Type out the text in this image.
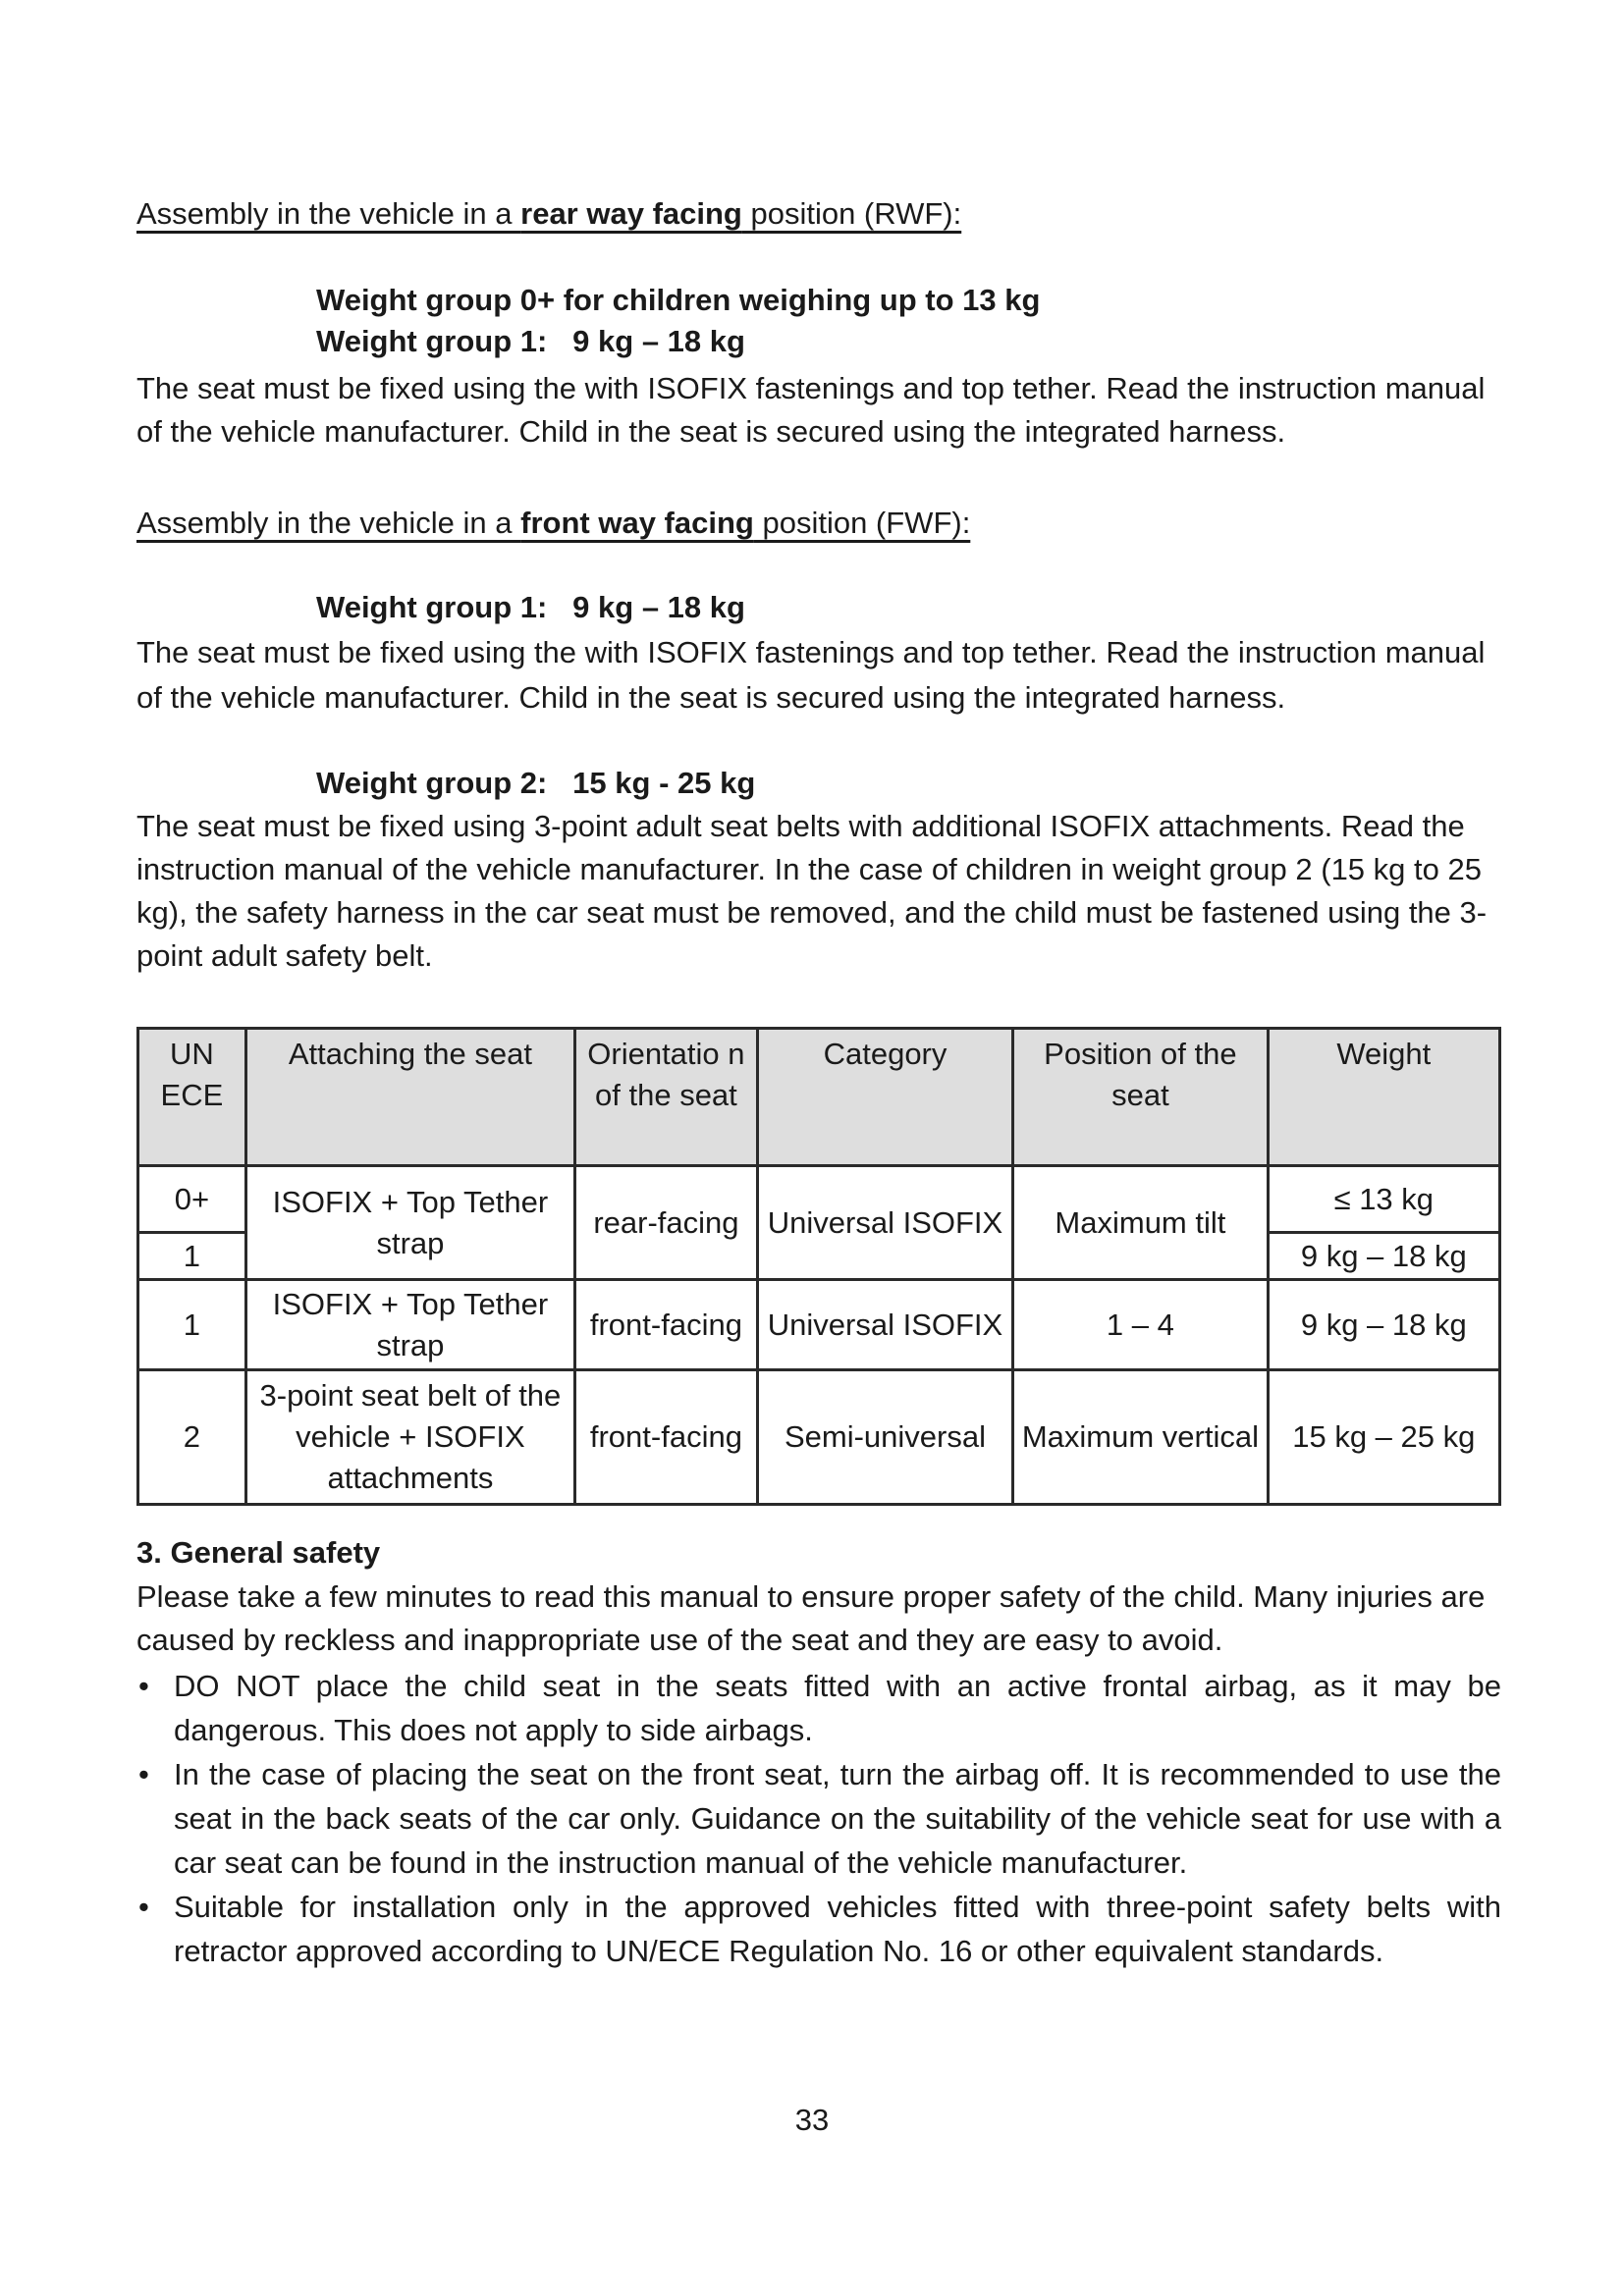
Assembly in the vehicle in a rear way facing position (RWF):

Weight group 0+ for children weighing up to 13 kg

Weight group 1:   9 kg – 18 kg

The seat must be fixed using the with ISOFIX fastenings and top tether. Read the instruction manual of the vehicle manufacturer. Child in the seat is secured using the integrated harness.

Assembly in the vehicle in a front way facing position (FWF):

Weight group 1:   9 kg – 18 kg

The seat must be fixed using the with ISOFIX fastenings and top tether. Read the instruction manual of the vehicle manufacturer. Child in the seat is secured using the integrated harness.

Weight group 2:   15 kg - 25 kg

The seat must be fixed using 3-point adult seat belts with additional ISOFIX attachments. Read the instruction manual of the vehicle manufacturer. In the case of children in weight group 2 (15 kg to 25 kg), the safety harness in the car seat must be removed, and the child must be fastened using the 3-point adult safety belt.

UN ECE	Attaching the seat	Orientatio n of the seat	Category	Position of the seat	Weight
0+	ISOFIX + Top Tether strap	rear-facing	Universal ISOFIX	Maximum tilt	≤ 13 kg
1					9 kg – 18 kg
1	ISOFIX + Top Tether strap	front-facing	Universal ISOFIX	1 – 4	9 kg – 18 kg
2	3-point seat belt of the vehicle + ISOFIX attachments	front-facing	Semi-universal	Maximum vertical	15 kg – 25 kg

3. General safety

Please take a few minutes to read this manual to ensure proper safety of the child. Many injuries are caused by reckless and inappropriate use of the seat and they are easy to avoid.

• DO NOT place the child seat in the seats fitted with an active frontal airbag, as it may be dangerous. This does not apply to side airbags.
• In the case of placing the seat on the front seat, turn the airbag off. It is recommended to use the seat in the back seats of the car only. Guidance on the suitability of the vehicle seat for use with a car seat can be found in the instruction manual of the vehicle manufacturer.
• Suitable for installation only in the approved vehicles fitted with three-point safety belts with retractor approved according to UN/ECE Regulation No. 16 or other equivalent standards.

33
